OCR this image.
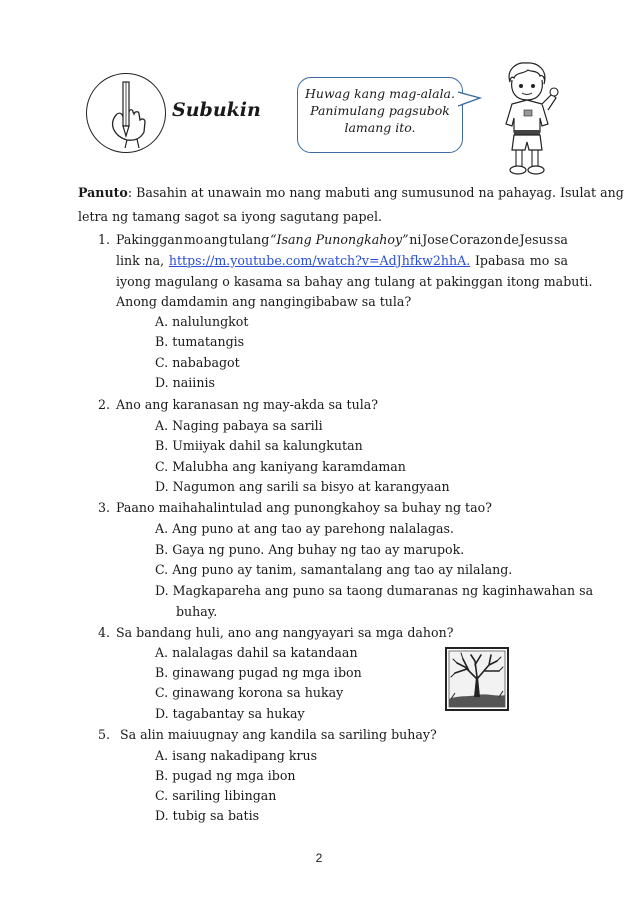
Subukin
Huwag kang mag-alala.
Panimulang pagsubok
lamang ito.
Panuto: Basahin at unawain mo nang mabuti ang sumusunod na pahayag. Isulat ang
letra ng tamang sagot sa iyong sagutang papel.
1. Pakinggan mo ang tulang “Isang Punongkahoy” ni Jose Corazon de Jesus sa
link na, https://m.youtube.com/watch?v=AdJhfkw2hhA. Ipabasa mo sa
iyong magulang o kasama sa bahay ang tulang at pakinggan itong mabuti.
Anong damdamin ang nangingibabaw sa tula?
A. nalulungkot
B. tumatangis
C. nababagot
D. naiinis
2. Ano ang karanasan ng may-akda sa tula?
A. Naging pabaya sa sarili
B. Umiiyak dahil sa kalungkutan
C. Malubha ang kaniyang karamdaman
D. Nagumon ang sarili sa bisyo at karangyaan
3. Paano maihahalintulad ang punongkahoy sa buhay ng tao?
A. Ang puno at ang tao ay parehong nalalagas.
B. Gaya ng puno. Ang buhay ng tao ay marupok.
C. Ang puno ay tanim, samantalang ang tao ay nilalang.
D. Magkapareha ang puno sa taong dumaranas ng kaginhawahan sa
buhay.
4. Sa bandang huli, ano ang nangyayari sa mga dahon?
A. nalalagas dahil sa katandaan
B. ginawang pugad ng mga ibon
C. ginawang korona sa hukay
D. tagabantay sa hukay
5. Sa alin maiuugnay ang kandila sa sariling buhay?
A. isang nakadipang krus
B. pugad ng mga ibon
C. sariling libingan
D. tubig sa batis
2
